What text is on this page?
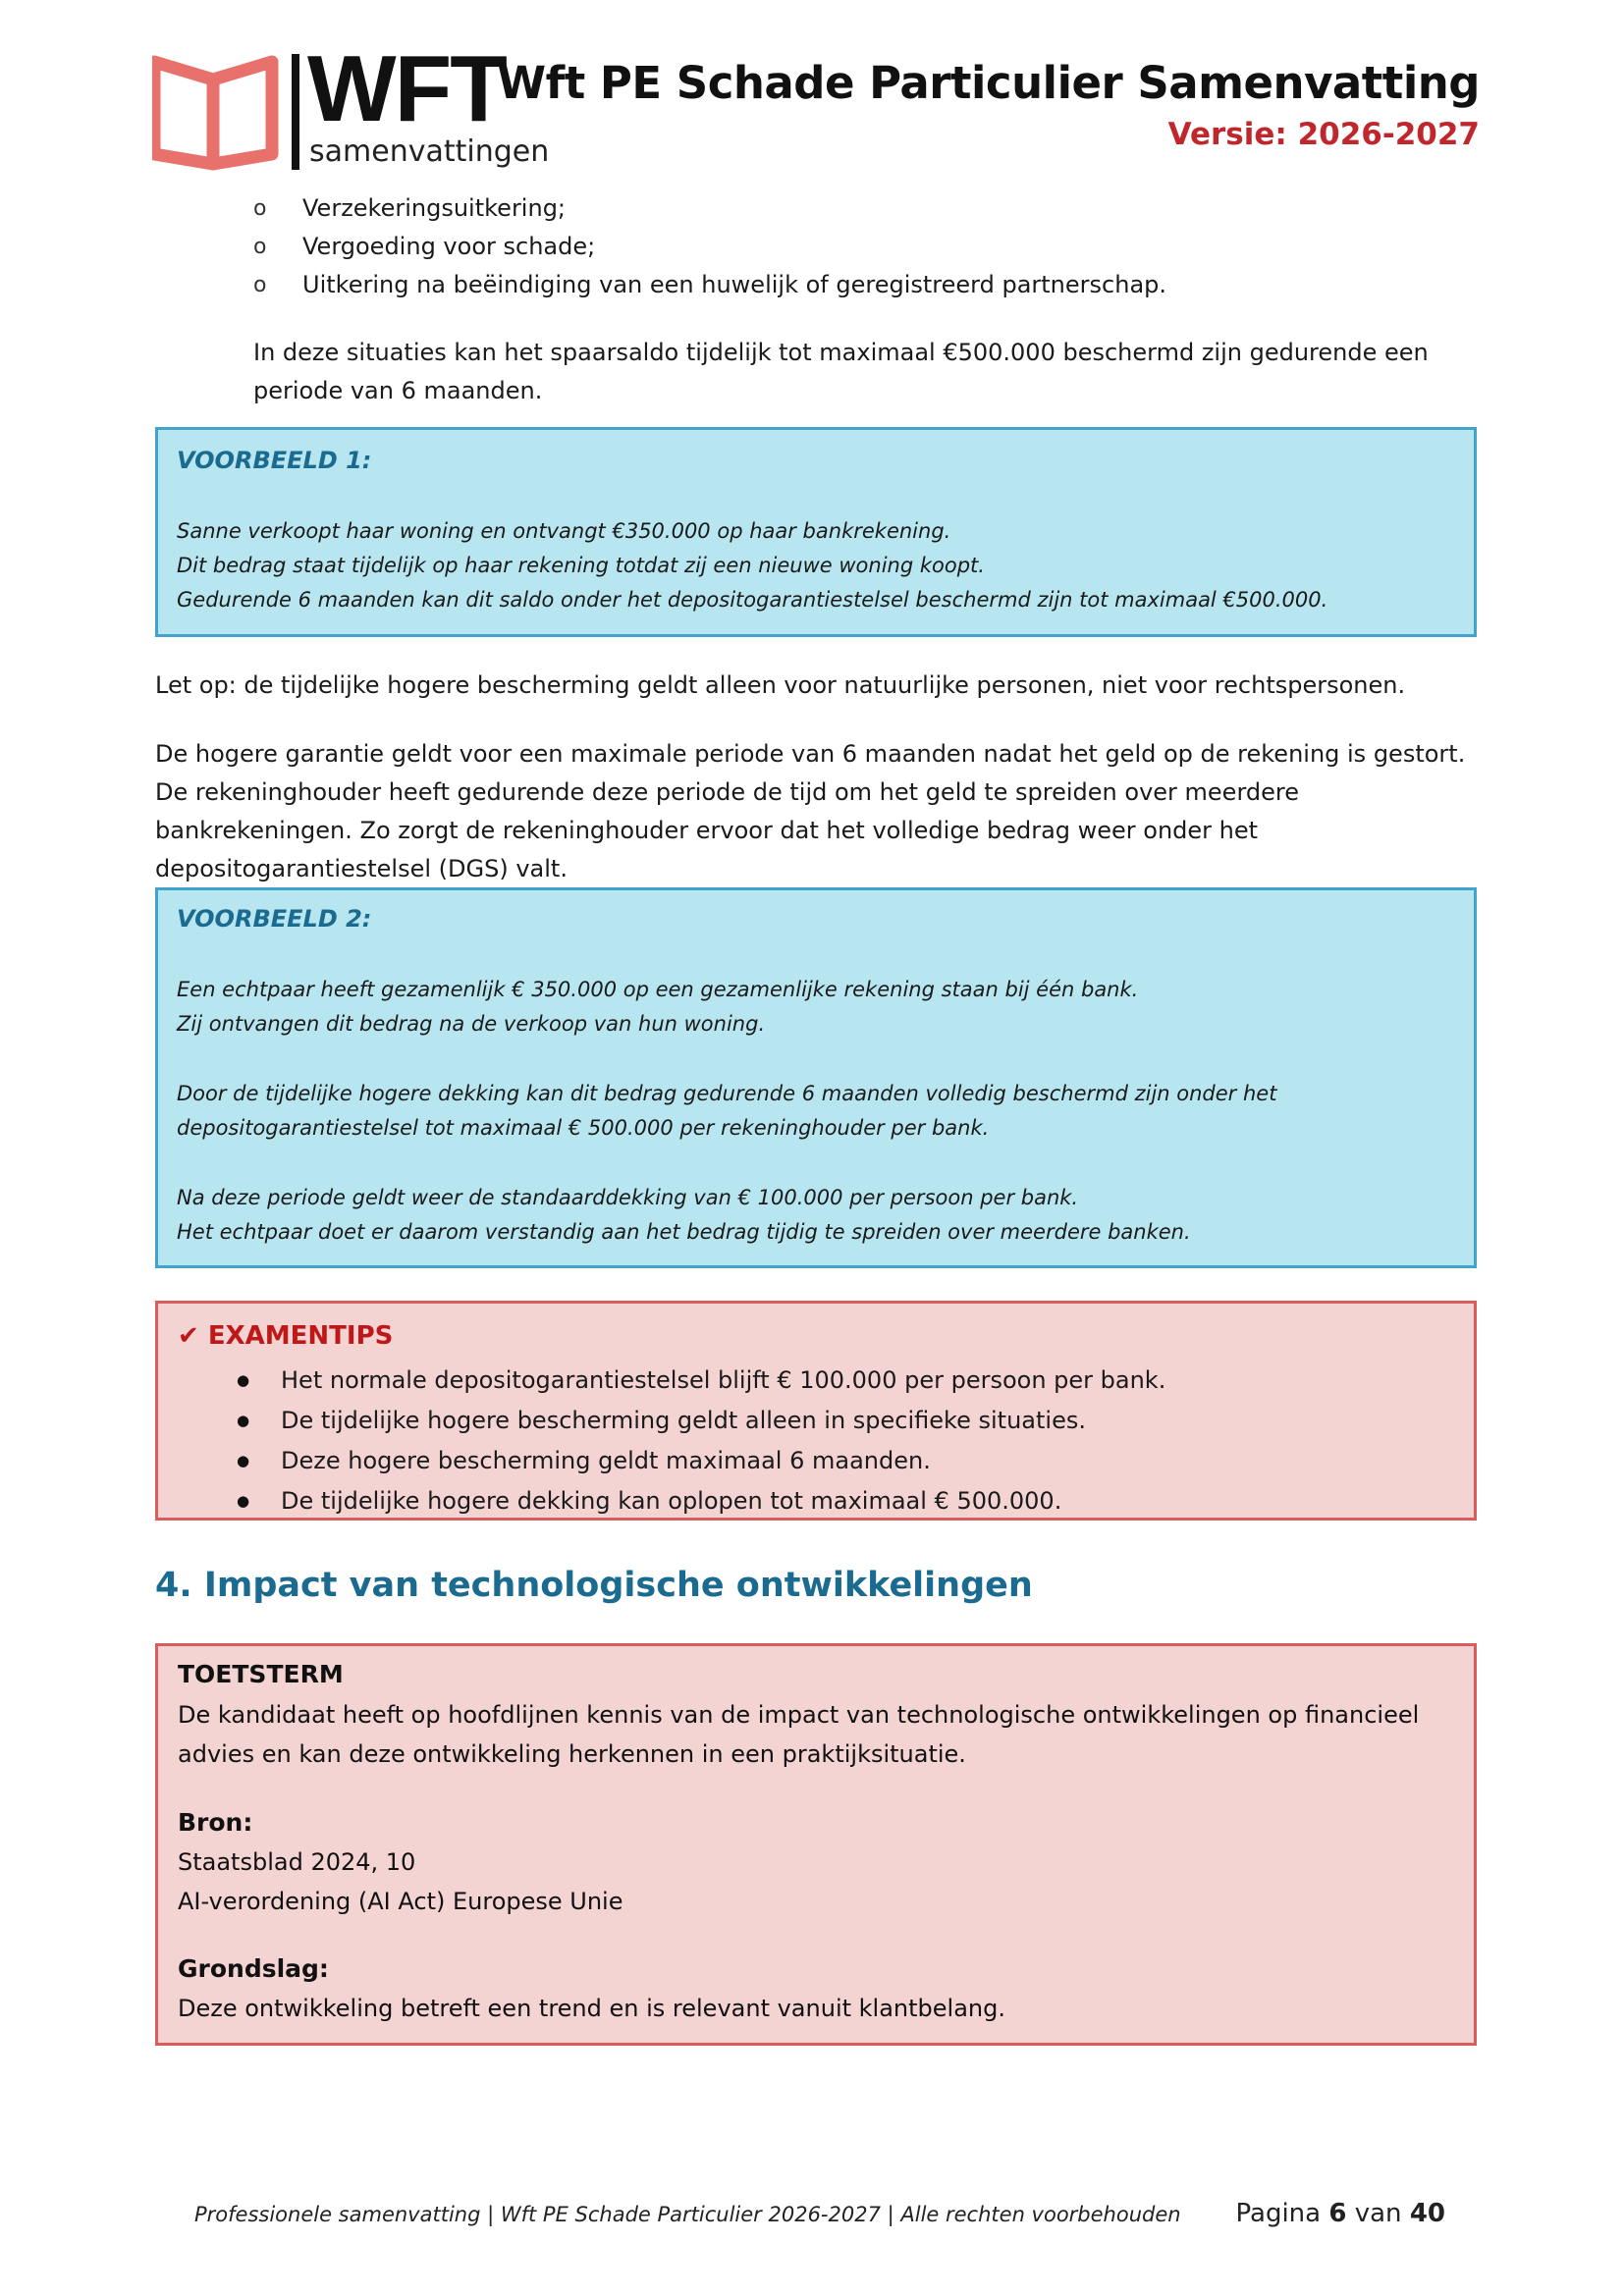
WFT
samenvattingen
Wft PE Schade Particulier Samenvatting
Versie: 2026-2027
o Verzekeringsuitkering;
o Vergoeding voor schade;
o Uitkering na beëindiging van een huwelijk of geregistreerd partnerschap.

In deze situaties kan het spaarsaldo tijdelijk tot maximaal €500.000 beschermd zijn gedurende een periode van 6 maanden.

VOORBEELD 1:
Sanne verkoopt haar woning en ontvangt €350.000 op haar bankrekening.
Dit bedrag staat tijdelijk op haar rekening totdat zij een nieuwe woning koopt.
Gedurende 6 maanden kan dit saldo onder het depositogarantiestelsel beschermd zijn tot maximaal €500.000.

Let op: de tijdelijke hogere bescherming geldt alleen voor natuurlijke personen, niet voor rechtspersonen.

De hogere garantie geldt voor een maximale periode van 6 maanden nadat het geld op de rekening is gestort. De rekeninghouder heeft gedurende deze periode de tijd om het geld te spreiden over meerdere bankrekeningen. Zo zorgt de rekeninghouder ervoor dat het volledige bedrag weer onder het depositogarantiestelsel (DGS) valt.

VOORBEELD 2:
Een echtpaar heeft gezamenlijk € 350.000 op een gezamenlijke rekening staan bij één bank.
Zij ontvangen dit bedrag na de verkoop van hun woning.
Door de tijdelijke hogere dekking kan dit bedrag gedurende 6 maanden volledig beschermd zijn onder het
depositogarantiestelsel tot maximaal € 500.000 per rekeninghouder per bank.
Na deze periode geldt weer de standaarddekking van € 100.000 per persoon per bank.
Het echtpaar doet er daarom verstandig aan het bedrag tijdig te spreiden over meerdere banken.
✔ EXAMENTIPS
● Het normale depositogarantiestelsel blijft € 100.000 per persoon per bank.
● De tijdelijke hogere bescherming geldt alleen in specifieke situaties.
● Deze hogere bescherming geldt maximaal 6 maanden.
● De tijdelijke hogere dekking kan oplopen tot maximaal € 500.000.
4. Impact van technologische ontwikkelingen
TOETSTERM
De kandidaat heeft op hoofdlijnen kennis van de impact van technologische ontwikkelingen op financieel advies en kan deze ontwikkeling herkennen in een praktijksituatie.
Bron:
Staatsblad 2024, 10
AI-verordening (AI Act) Europese Unie
Grondslag:
Deze ontwikkeling betreft een trend en is relevant vanuit klantbelang.
Professionele samenvatting | Wft PE Schade Particulier 2026-2027 | Alle rechten voorbehouden Pagina 6 van 40
